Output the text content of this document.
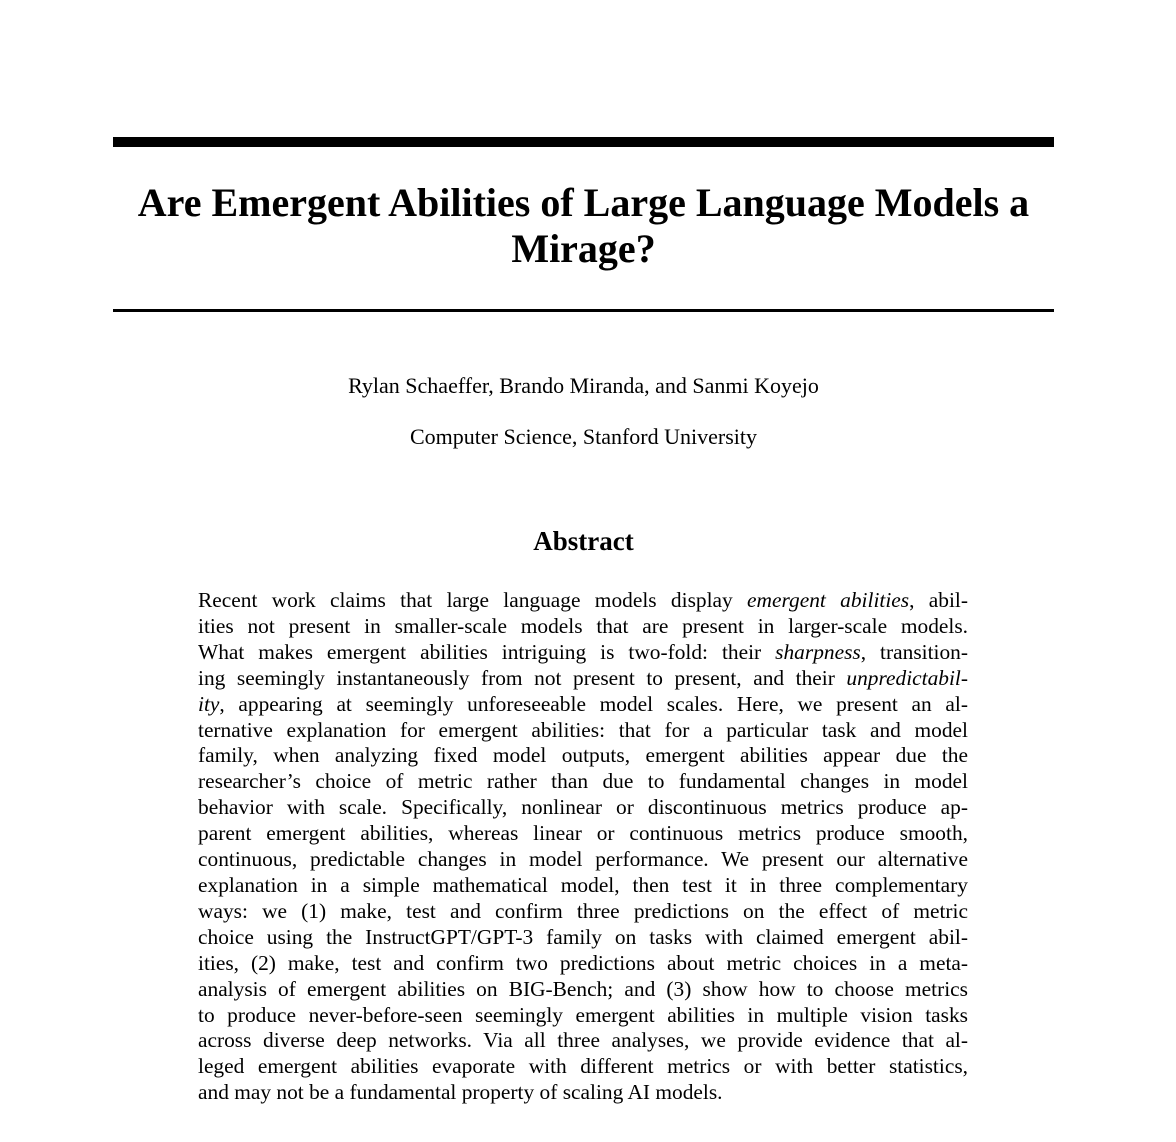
Are Emergent Abilities of Large Language Models a Mirage?
Rylan Schaeffer, Brando Miranda, and Sanmi Koyejo
Computer Science, Stanford University
Abstract
Recent work claims that large language models display emergent abilities, abil-
ities not present in smaller-scale models that are present in larger-scale models.
What makes emergent abilities intriguing is two-fold: their sharpness, transition-
ing seemingly instantaneously from not present to present, and their unpredictabil-
ity, appearing at seemingly unforeseeable model scales. Here, we present an al-
ternative explanation for emergent abilities: that for a particular task and model
family, when analyzing fixed model outputs, emergent abilities appear due the
researcher’s choice of metric rather than due to fundamental changes in model
behavior with scale. Specifically, nonlinear or discontinuous metrics produce ap-
parent emergent abilities, whereas linear or continuous metrics produce smooth,
continuous, predictable changes in model performance. We present our alternative
explanation in a simple mathematical model, then test it in three complementary
ways: we (1) make, test and confirm three predictions on the effect of metric
choice using the InstructGPT/GPT-3 family on tasks with claimed emergent abil-
ities, (2) make, test and confirm two predictions about metric choices in a meta-
analysis of emergent abilities on BIG-Bench; and (3) show how to choose metrics
to produce never-before-seen seemingly emergent abilities in multiple vision tasks
across diverse deep networks. Via all three analyses, we provide evidence that al-
leged emergent abilities evaporate with different metrics or with better statistics,
and may not be a fundamental property of scaling AI models.
